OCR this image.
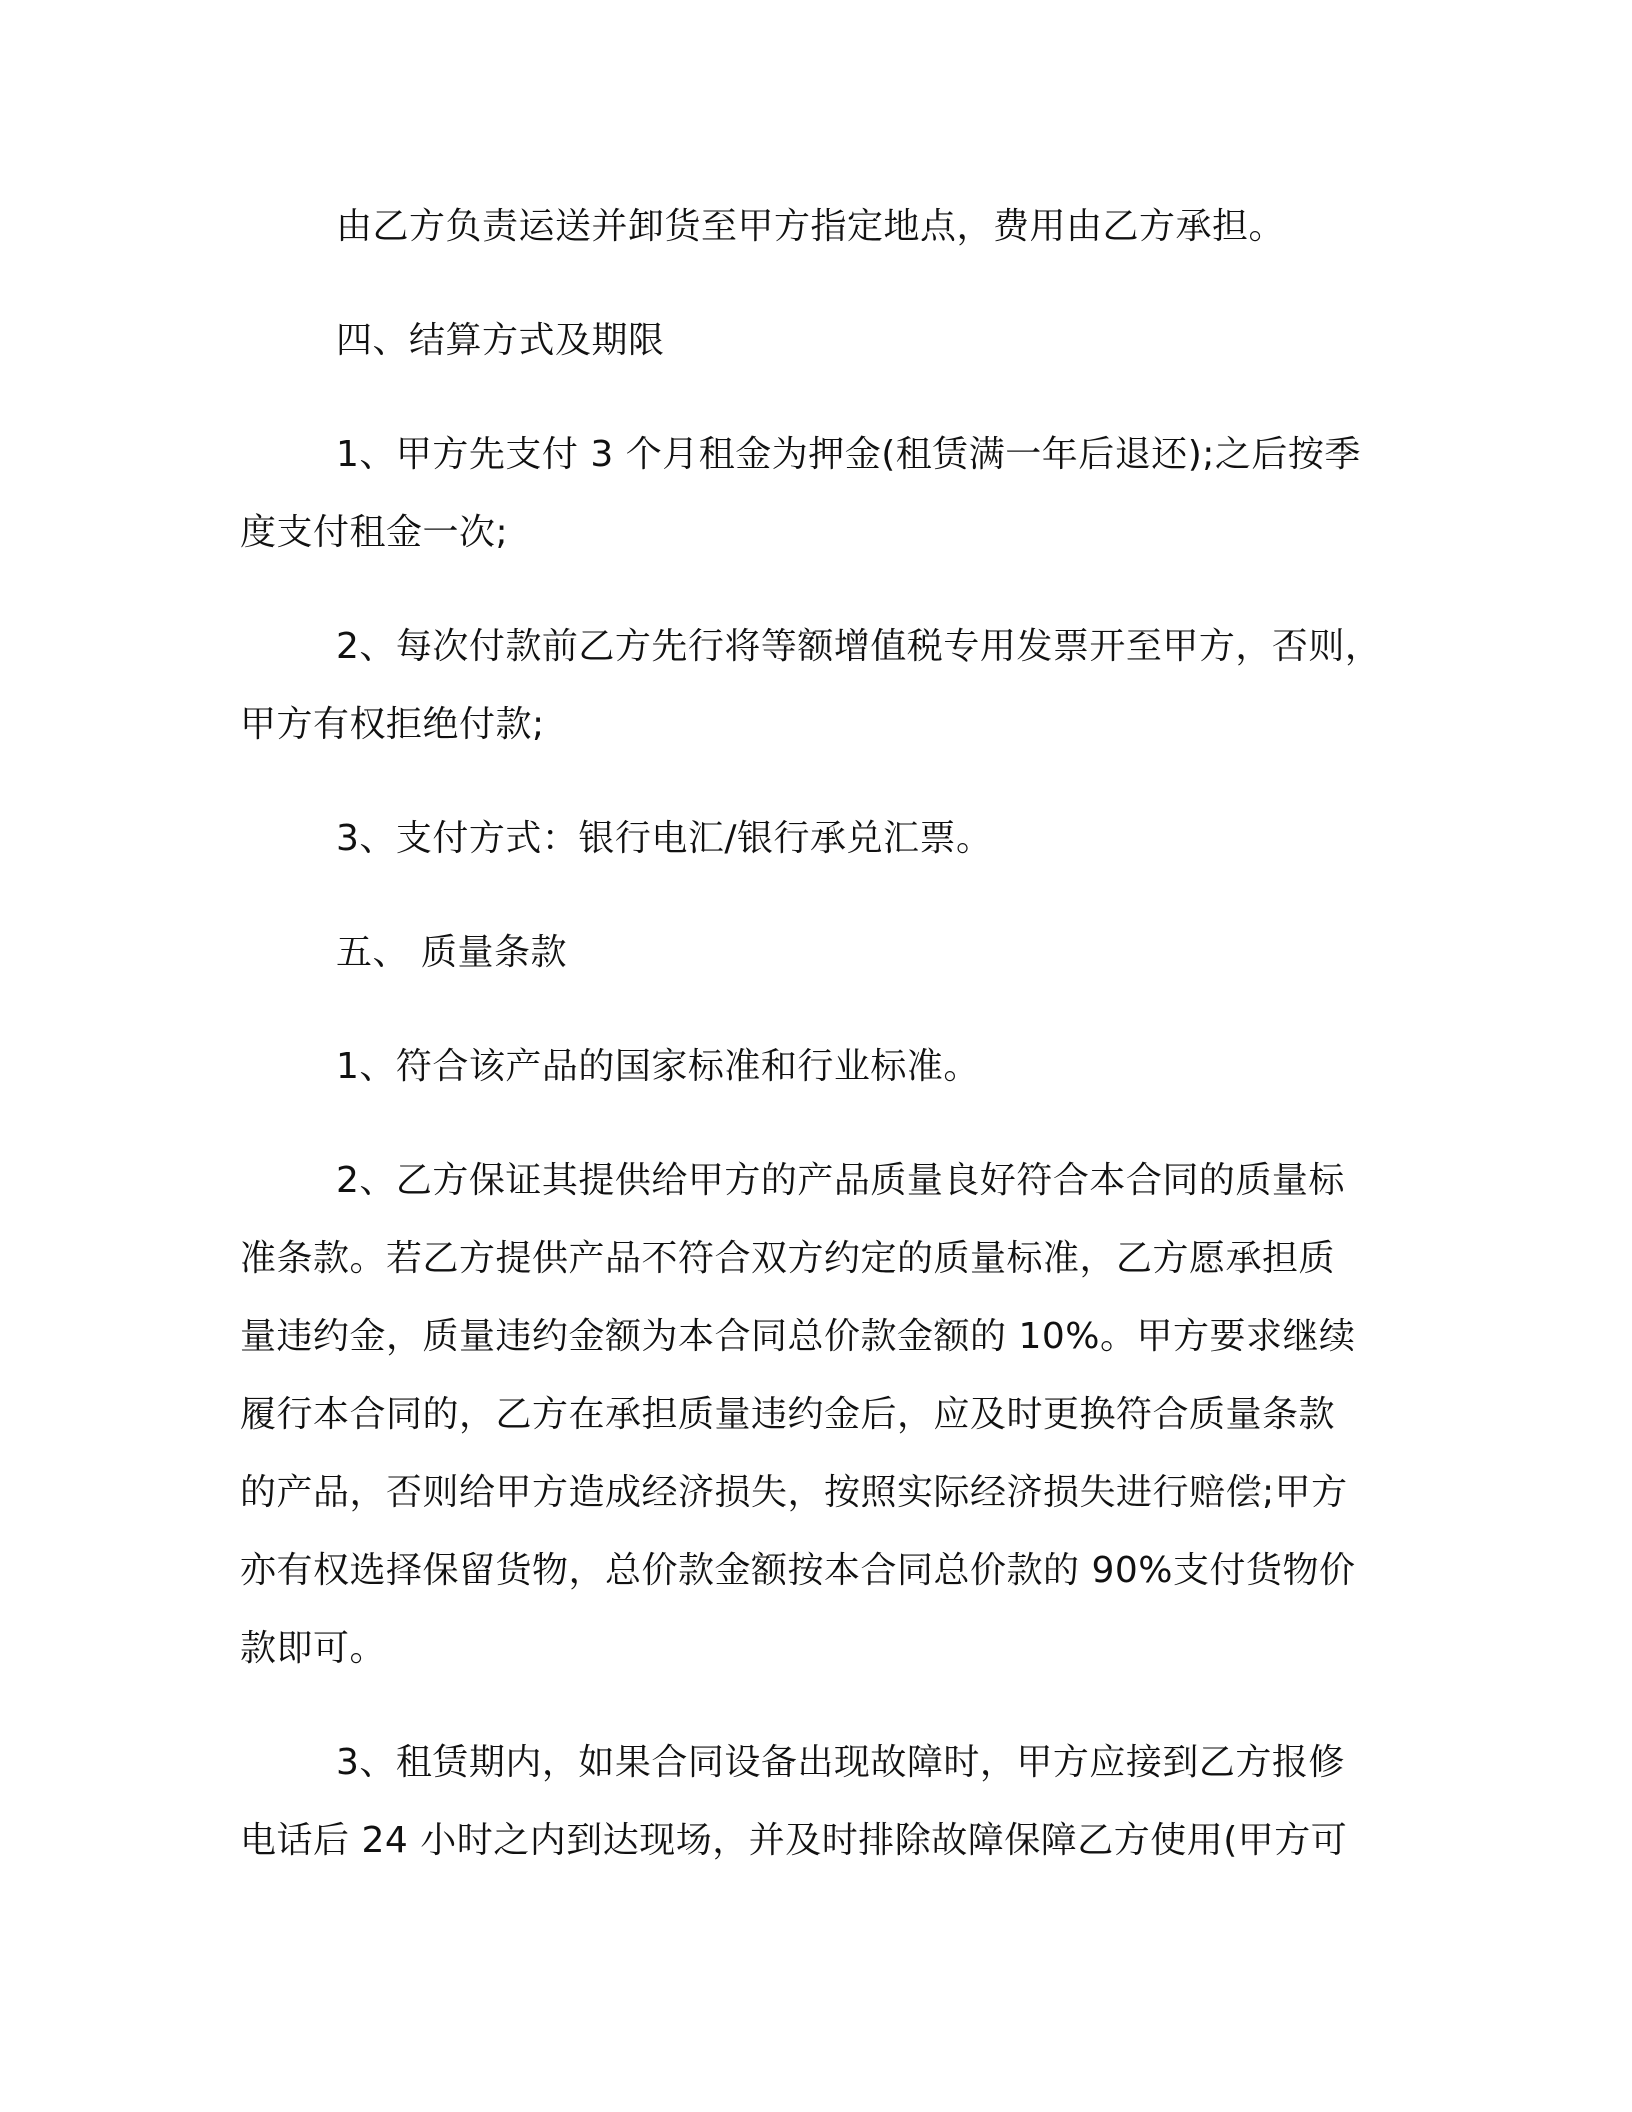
由乙方负责运送并卸货至甲方指定地点，费用由乙方承担。
四、结算方式及期限
1、甲方先支付 3 个月租金为押金(租赁满一年后退还);之后按季
度支付租金一次;
2、每次付款前乙方先行将等额增值税专用发票开至甲方，否则，
甲方有权拒绝付款;
3、支付方式：银行电汇/银行承兑汇票。
五、 质量条款
1、符合该产品的国家标准和行业标准。
2、乙方保证其提供给甲方的产品质量良好符合本合同的质量标
准条款。若乙方提供产品不符合双方约定的质量标准，乙方愿承担质
量违约金，质量违约金额为本合同总价款金额的 10%。甲方要求继续
履行本合同的，乙方在承担质量违约金后，应及时更换符合质量条款
的产品，否则给甲方造成经济损失，按照实际经济损失进行赔偿;甲方
亦有权选择保留货物，总价款金额按本合同总价款的 90%支付货物价
款即可。
3、租赁期内，如果合同设备出现故障时，甲方应接到乙方报修
电话后 24 小时之内到达现场，并及时排除故障保障乙方使用(甲方可
